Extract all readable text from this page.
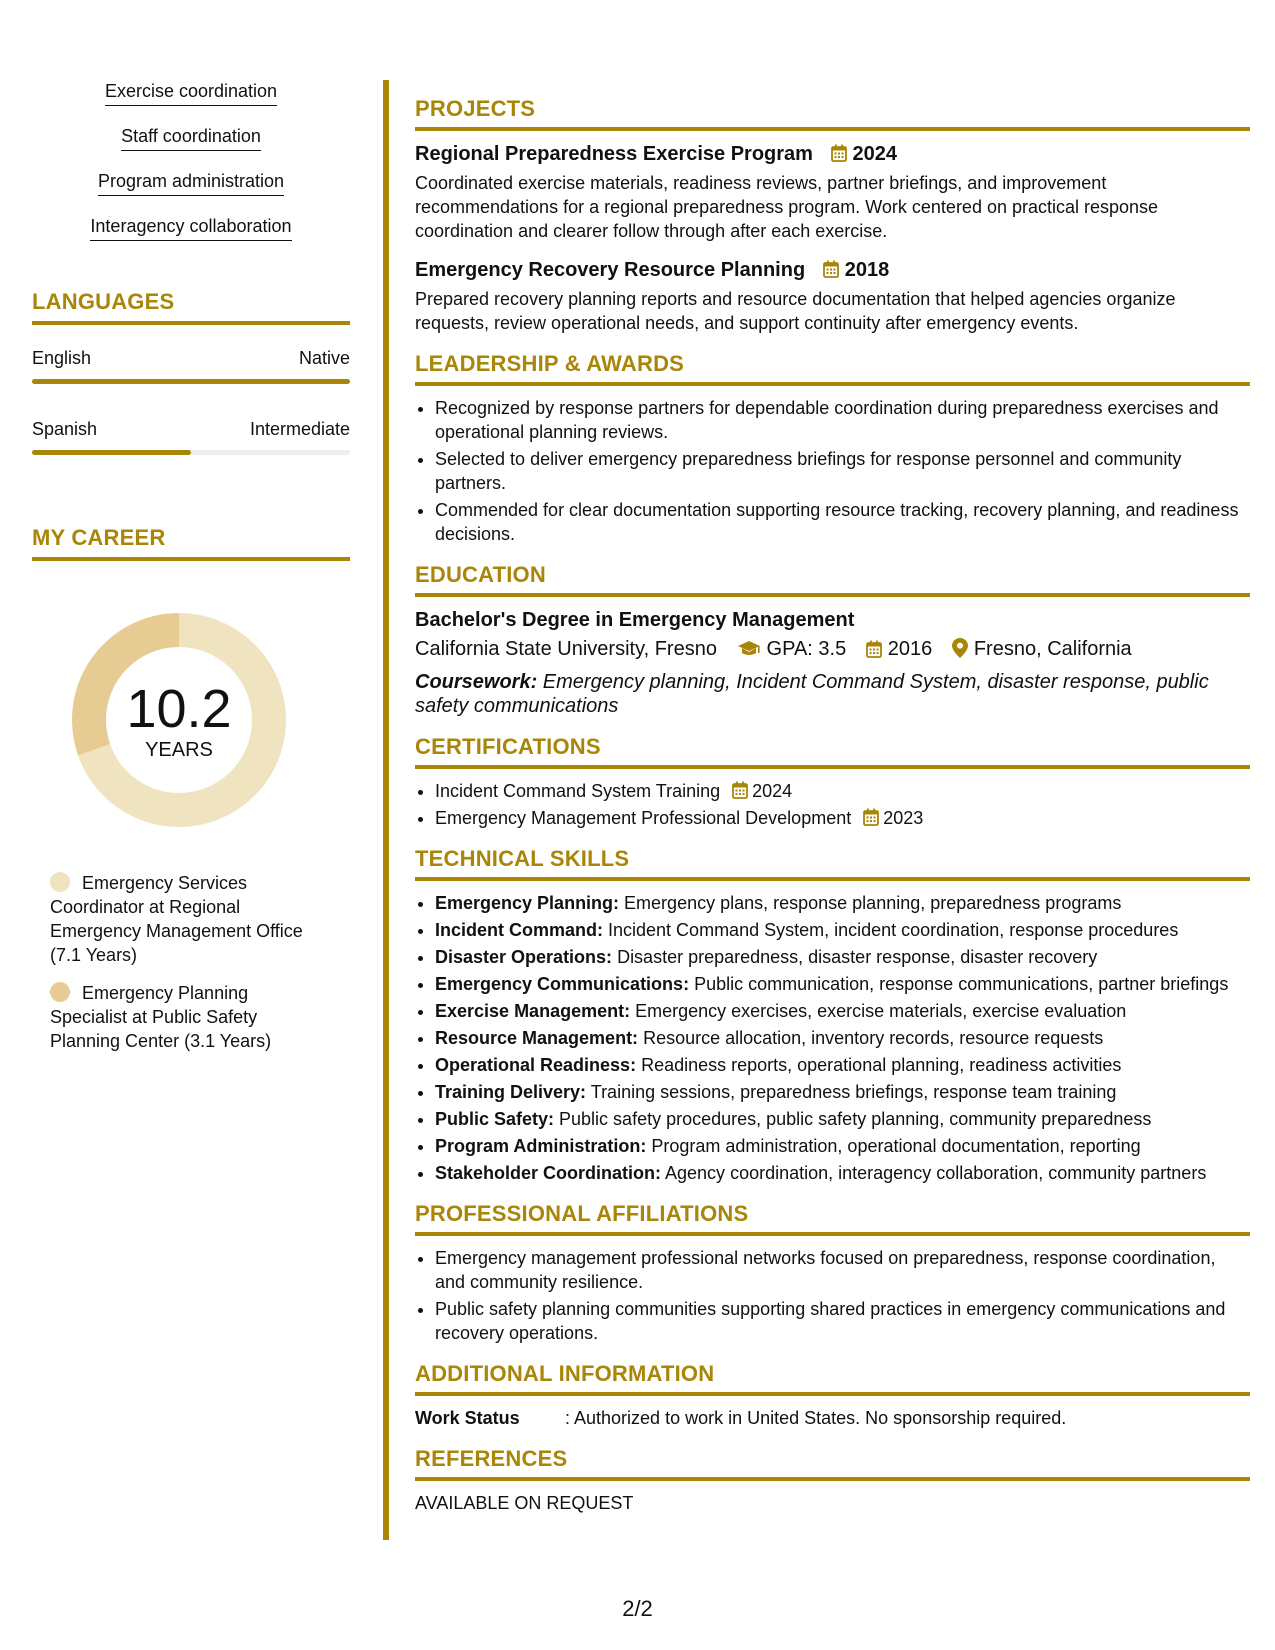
Exercise coordination
Staff coordination
Program administration
Interagency collaboration
LANGUAGES
English	Native
Spanish	Intermediate
MY CAREER
10.2
YEARS
Emergency Services Coordinator at Regional Emergency Management Office (7.1 Years)
Emergency Planning Specialist at Public Safety Planning Center (3.1 Years)
PROJECTS
Regional Preparedness Exercise Program 2024
Coordinated exercise materials, readiness reviews, partner briefings, and improvement recommendations for a regional preparedness program. Work centered on practical response coordination and clearer follow through after each exercise.
Emergency Recovery Resource Planning 2018
Prepared recovery planning reports and resource documentation that helped agencies organize requests, review operational needs, and support continuity after emergency events.
LEADERSHIP & AWARDS
• Recognized by response partners for dependable coordination during preparedness exercises and operational planning reviews.
• Selected to deliver emergency preparedness briefings for response personnel and community partners.
• Commended for clear documentation supporting resource tracking, recovery planning, and readiness decisions.
EDUCATION
Bachelor's Degree in Emergency Management
California State University, Fresno GPA: 3.5 2016 Fresno, California
Coursework: Emergency planning, Incident Command System, disaster response, public safety communications
CERTIFICATIONS
• Incident Command System Training 2024
• Emergency Management Professional Development 2023
TECHNICAL SKILLS
• Emergency Planning: Emergency plans, response planning, preparedness programs
• Incident Command: Incident Command System, incident coordination, response procedures
• Disaster Operations: Disaster preparedness, disaster response, disaster recovery
• Emergency Communications: Public communication, response communications, partner briefings
• Exercise Management: Emergency exercises, exercise materials, exercise evaluation
• Resource Management: Resource allocation, inventory records, resource requests
• Operational Readiness: Readiness reports, operational planning, readiness activities
• Training Delivery: Training sessions, preparedness briefings, response team training
• Public Safety: Public safety procedures, public safety planning, community preparedness
• Program Administration: Program administration, operational documentation, reporting
• Stakeholder Coordination: Agency coordination, interagency collaboration, community partners
PROFESSIONAL AFFILIATIONS
• Emergency management professional networks focused on preparedness, response coordination, and community resilience.
• Public safety planning communities supporting shared practices in emergency communications and recovery operations.
ADDITIONAL INFORMATION
Work Status	: Authorized to work in United States. No sponsorship required.
REFERENCES
AVAILABLE ON REQUEST
2/2
